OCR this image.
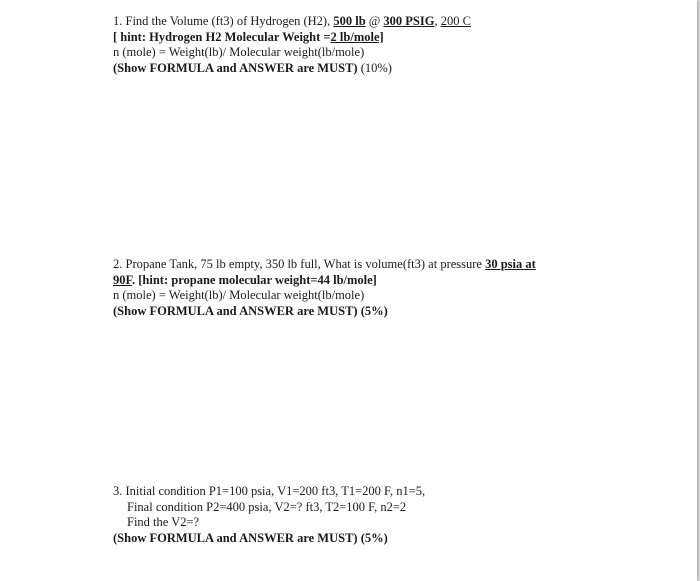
1. Find the Volume (ft3) of Hydrogen (H2), 500 lb @ 300 PSIG, 200 C
[ hint: Hydrogen H2 Molecular Weight =2 lb/mole]
n (mole) = Weight(lb)/ Molecular weight(lb/mole)
(Show FORMULA and ANSWER are MUST) (10%)
2. Propane Tank, 75 lb empty, 350 lb full, What is volume(ft3) at pressure 30 psia at
90F. [hint: propane molecular weight=44 lb/mole]
n (mole) = Weight(lb)/ Molecular weight(lb/mole)
(Show FORMULA and ANSWER are MUST) (5%)
3. Initial condition P1=100 psia, V1=200 ft3, T1=200 F, n1=5,
Final condition P2=400 psia, V2=? ft3, T2=100 F, n2=2
Find the V2=?
(Show FORMULA and ANSWER are MUST) (5%)
